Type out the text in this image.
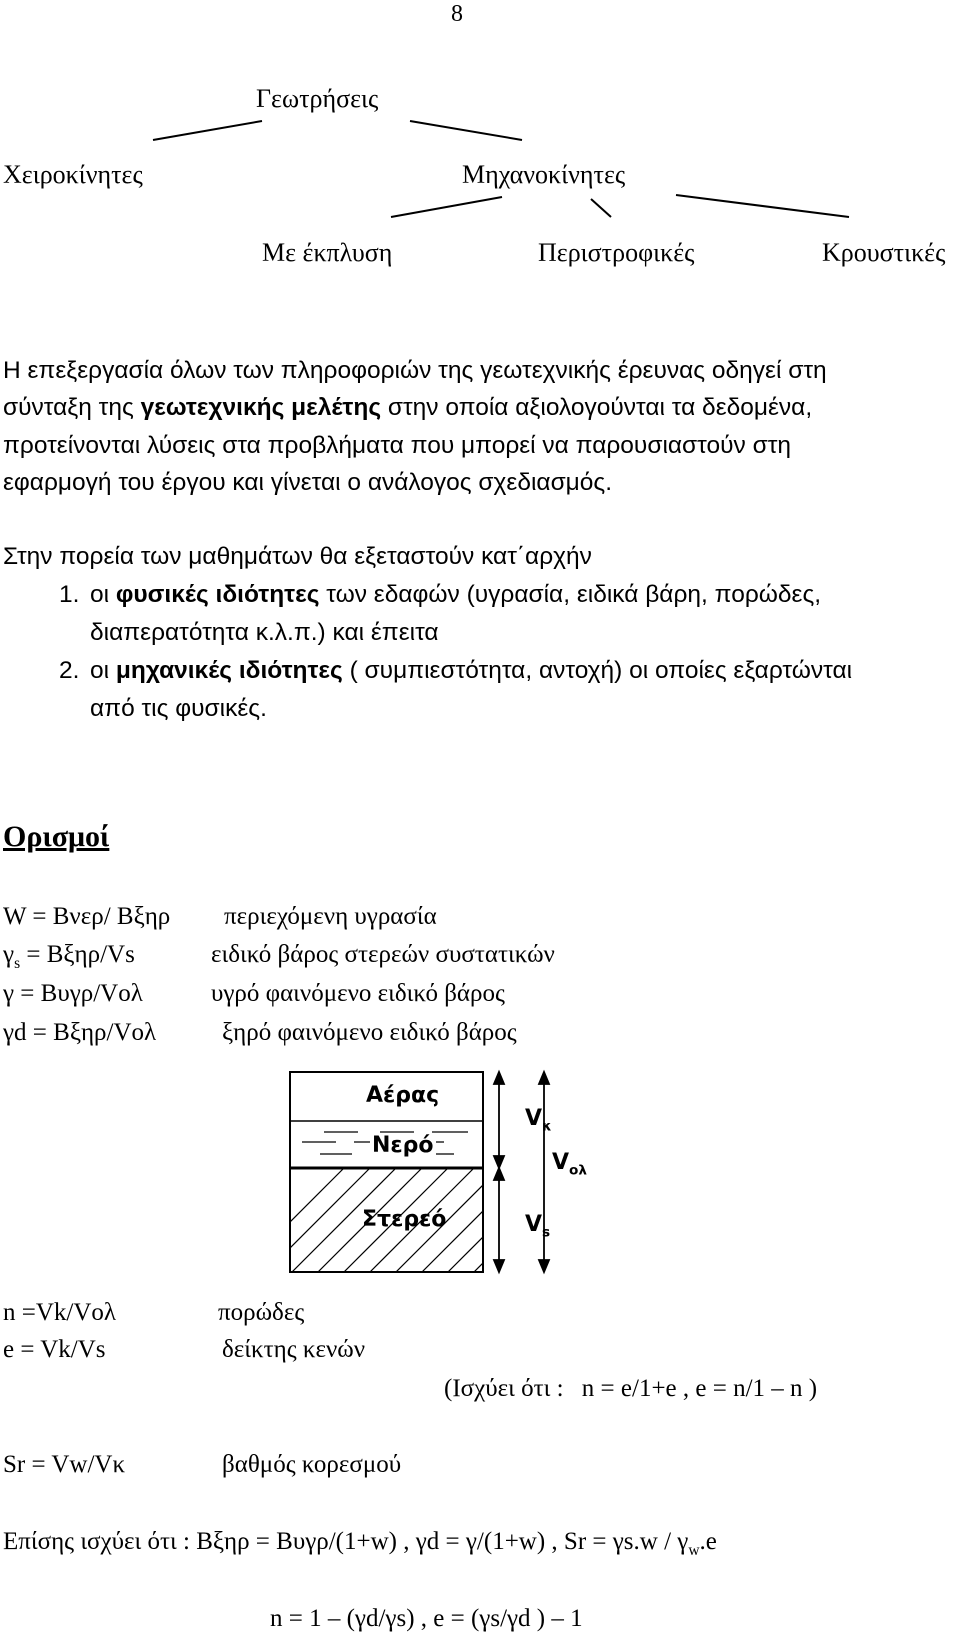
8
Γεωτρήσεις
Χειροκίνητες	Μηχανοκίνητες
Με έκπλυση	Περιστροφικές	Κρουστικές
Η επεξεργασία όλων των πληροφοριών της γεωτεχνικής έρευνας οδηγεί στη
σύνταξη της γεωτεχνικής μελέτης στην οποία αξιολογούνται τα δεδομένα,
προτείνονται λύσεις στα προβλήματα που μπορεί να παρουσιαστούν στη
εφαρμογή του έργου και γίνεται ο ανάλογος σχεδιασμός.
Στην πορεία των μαθημάτων θα εξεταστούν κατ΄αρχήν
1. οι φυσικές ιδιότητες των εδαφών (υγρασία, ειδικά βάρη, πορώδες,
διαπερατότητα κ.λ.π.) και έπειτα
2. οι μηχανικές ιδιότητες ( συμπιεστότητα, αντοχή) οι οποίες εξαρτώνται
από τις φυσικές.
Ορισμοί
W = Bνερ/ Bξηρ περιεχόμενη υγρασία
$\gamma_s = B\xi\eta\rho/Vs$	ειδικό βάρος στερεών συστατικών
γ = Bυγρ/Vολ	υγρό φαινόμενο ειδικό βάρος
γd = Bξηρ/Vολ	ξηρό φαινόμενο ειδικό βάρος
Αέρας
Νερό
Στερεό
$V_\kappa$
$V_{o\lambda}$
$V_s$
n =Vk/Vολ	πορώδες
e = Vk/Vs	δείκτης κενών
(Ισχύει ότι : n = e/1+e , e = n/1 – n )
Sr = Vw/Vκ	βαθμός κορεσμού
Επίσης ισχύει ότι : Bξηρ = Bυγρ/(1+w) , γd = γ/(1+w) , $Sr = \gamma s.w / \gamma_w.e$
n = 1 – (γd/γs) , e = (γs/γd ) – 1
